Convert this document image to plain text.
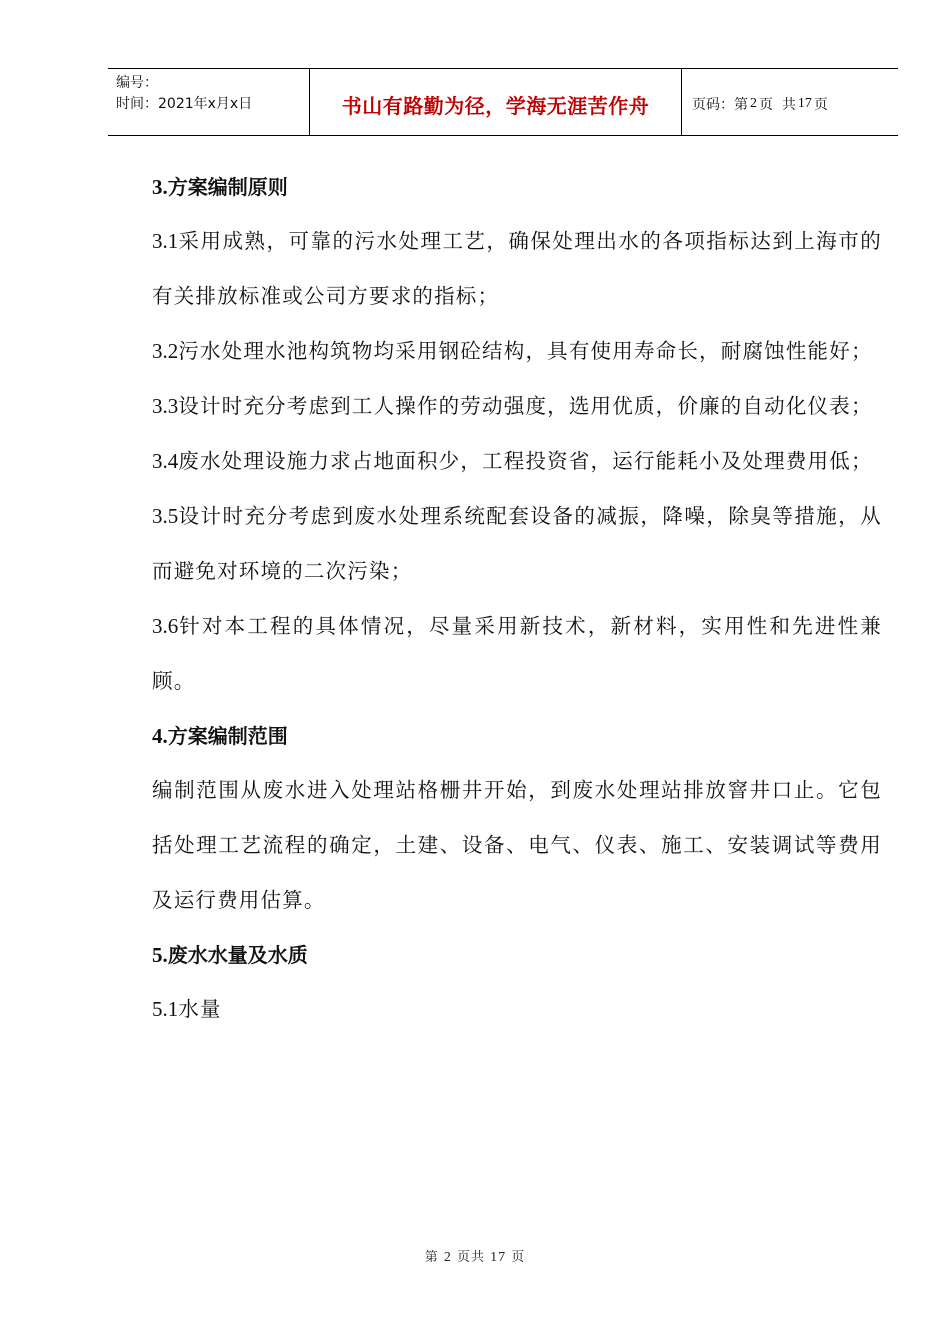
编号：
时间：2021年x月x日	书山有路勤为径，学海无涯苦作舟	页码：第 2 页  共 17 页
3.方案编制原则

3.1采用成熟，可靠的污水处理工艺，确保处理出水的各项指标达到上海市的有关排放标准或公司方要求的指标；

3.2污水处理水池构筑物均采用钢砼结构，具有使用寿命长，耐腐蚀性能好；

3.3设计时充分考虑到工人操作的劳动强度，选用优质，价廉的自动化仪表；

3.4废水处理设施力求占地面积少，工程投资省，运行能耗小及处理费用低；

3.5设计时充分考虑到废水处理系统配套设备的减振，降噪，除臭等措施，从而避免对环境的二次污染；

3.6针对本工程的具体情况，尽量采用新技术，新材料，实用性和先进性兼顾。

4.方案编制范围

编制范围从废水进入处理站格栅井开始，到废水处理站排放窨井口止。它包括处理工艺流程的确定，土建、设备、电气、仪表、施工、安装调试等费用及运行费用估算。

5.废水水量及水质

5.1水量

第 2 页共 17 页
